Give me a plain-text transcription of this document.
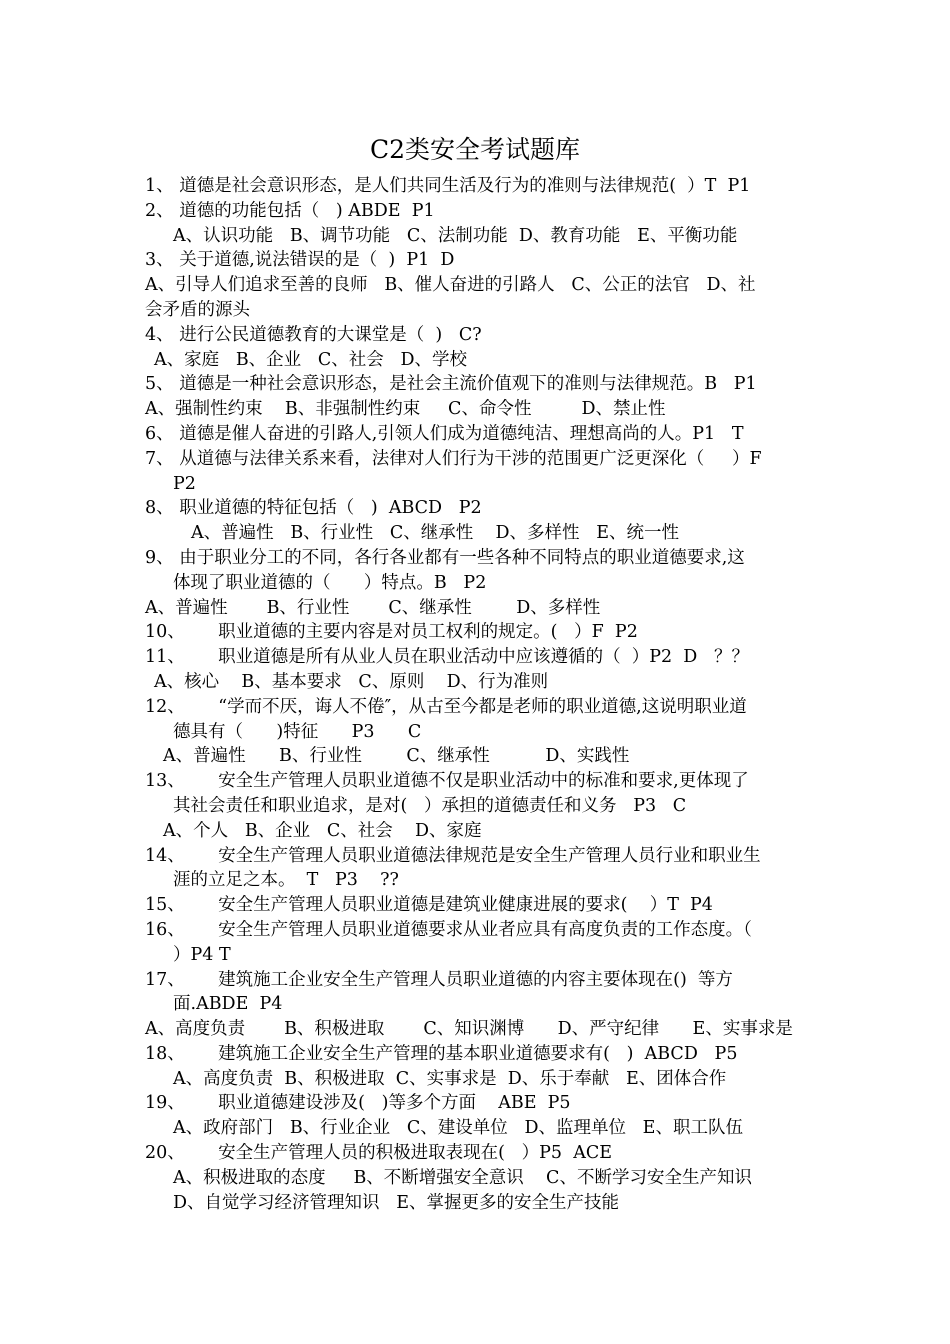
C2类安全考试题库
1、 道德是社会意识形态，是人们共同生活及行为的准则与法律规范(  ）T  P1
2、 道德的功能包括（   ) ABDE  P1
A、认识功能   B、调节功能   C、法制功能  D、教育功能   E、平衡功能
3、 关于道德,说法错误的是（  )  P1  D
A、引导人们追求至善的良师   B、催人奋进的引路人   C、公正的法官   D、社
会矛盾的源头
4、 进行公民道德教育的大课堂是（  )   C?
A、家庭   B、企业   C、社会   D、学校
5、 道德是一种社会意识形态，是社会主流价值观下的准则与法律规范。B   P1
A、强制性约束    B、非强制性约束     C、命令性         D、禁止性
6、 道德是催人奋进的引路人,引领人们成为道德纯洁、理想高尚的人。P1   T
7、 从道德与法律关系来看，法律对人们行为干涉的范围更广泛更深化（     ）F
P2
8、 职业道德的特征包括（   )  ABCD   P2
A、普遍性   B、行业性   C、继承性    D、多样性   E、统一性
9、 由于职业分工的不同，各行各业都有一些各种不同特点的职业道德要求,这
体现了职业道德的（      ）特点。B   P2
A、普遍性       B、行业性       C、继承性        D、多样性
10、      职业道德的主要内容是对员工权利的规定。(   ）F  P2
11、      职业道德是所有从业人员在职业活动中应该遵循的（  ）P2  D   ？？
A、核心    B、基本要求   C、原则    D、行为准则
12、      “学而不厌，诲人不倦″，从古至今都是老师的职业道德,这说明职业道
德具有（      )特征      P3      C
A、普遍性      B、行业性        C、继承性          D、实践性
13、      安全生产管理人员职业道德不仅是职业活动中的标准和要求,更体现了
其社会责任和职业追求，是对(   ）承担的道德责任和义务   P3   C
A、个人   B、企业   C、社会    D、家庭
14、      安全生产管理人员职业道德法律规范是安全生产管理人员行业和职业生
涯的立足之本。  T   P3    ??
15、      安全生产管理人员职业道德是建筑业健康进展的要求(    ）T  P4
16、      安全生产管理人员职业道德要求从业者应具有高度负责的工作态度。（
）P4 T
17、      建筑施工企业安全生产管理人员职业道德的内容主要体现在()  等方
面.ABDE  P4
A、高度负责       B、积极进取       C、知识渊博      D、严守纪律      E、实事求是
18、      建筑施工企业安全生产管理的基本职业道德要求有(   )  ABCD   P5
A、高度负责  B、积极进取  C、实事求是  D、乐于奉献   E、团体合作
19、      职业道德建设涉及(   )等多个方面    ABE  P5
A、政府部门   B、行业企业   C、建设单位   D、监理单位   E、职工队伍
20、      安全生产管理人员的积极进取表现在(   ）P5  ACE
A、积极进取的态度     B、不断增强安全意识    C、不断学习安全生产知识
D、自觉学习经济管理知识   E、掌握更多的安全生产技能
